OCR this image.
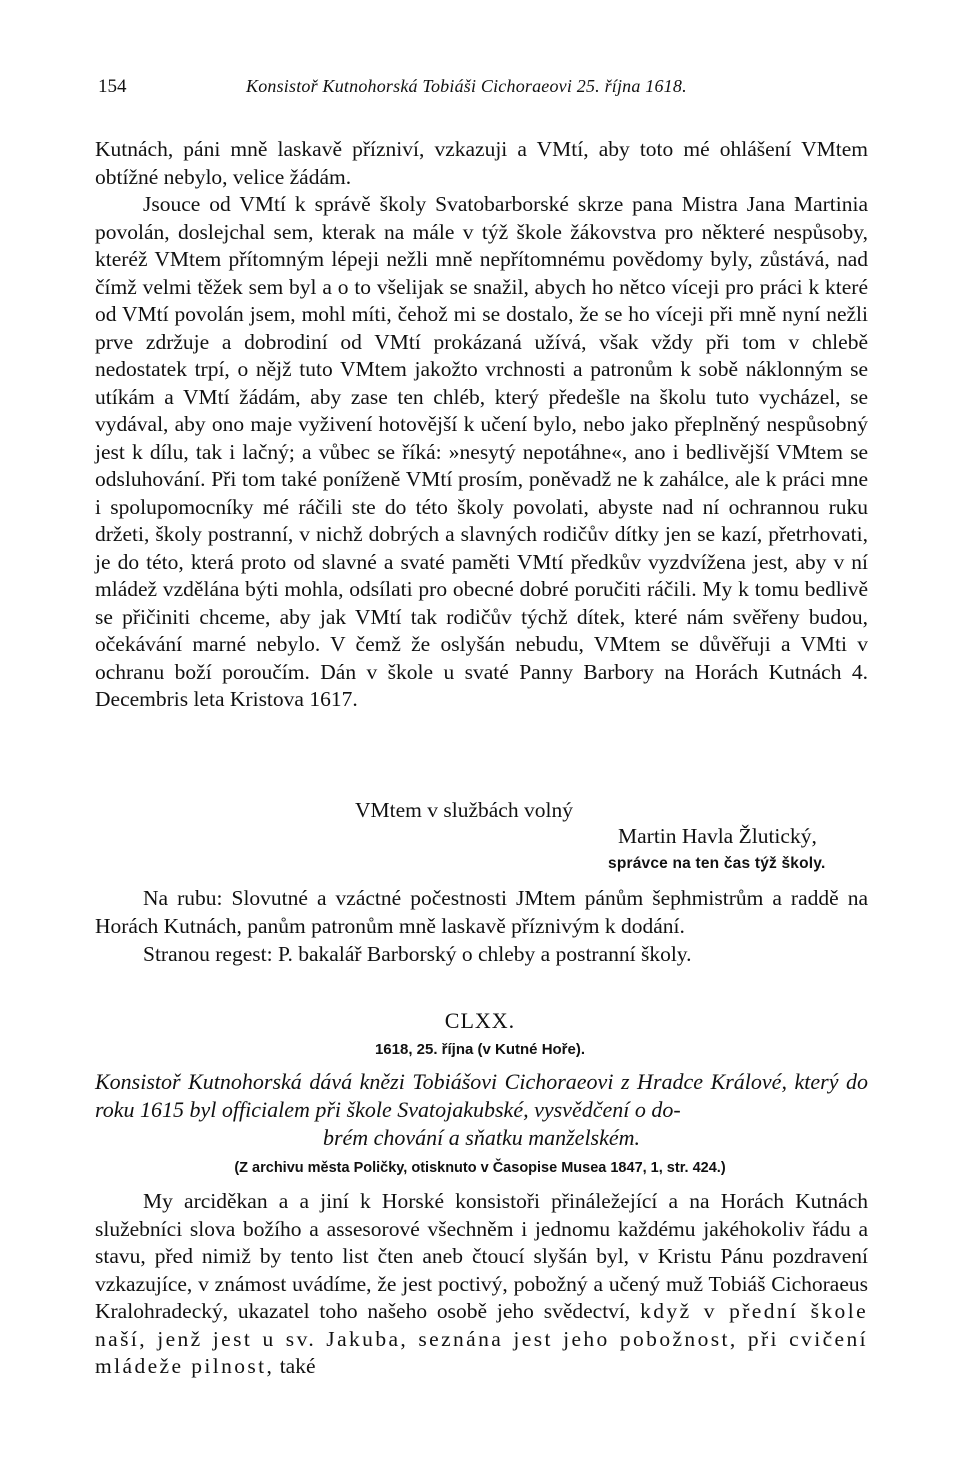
154	Konsistoř Kutnohorská Tobiáši Cichoraeovi 25. října 1618.

Kutnách, páni mně laskavě přízniví, vzkazuji a VMtí, aby toto mé ohlášení VMtem obtížné nebylo, velice žádám.

Jsouce od VMtí k správě školy Svatobarborské skrze pana Mistra Jana Martinia povolán, doslejchal sem, kterak na mále v týž škole žákovstva pro některé nespůsoby, kteréž VMtem přítomným lépeji nežli mně nepřítomnému povědomy byly, zůstává, nad čímž velmi těžek sem byl a o to všelijak se snažil, abych ho nětco víceji pro práci k které od VMtí povolán jsem, mohl míti, čehož mi se dostalo, že se ho víceji při mně nyní nežli prve zdržuje a dobrodiní od VMtí prokázaná užívá, však vždy při tom v chlebě nedostatek trpí, o nějž tuto VMtem jakožto vrchnosti a patronům k sobě náklonným se utíkám a VMtí žádám, aby zase ten chléb, který předešle na školu tuto vycházel, se vydával, aby ono maje vyživení hotovější k učení bylo, nebo jako přeplněný nespůsobný jest k dílu, tak i lačný; a vůbec se říká: »nesytý nepotáhne«, ano i bedlivější VMtem se odsluhování. Při tom také poníženě VMtí prosím, poněvadž ne k zahálce, ale k práci mne i spolupomocníky mé ráčili ste do této školy povolati, abyste nad ní ochrannou ruku držeti, školy postranní, v nichž dobrých a slavných rodičův dítky jen se kazí, přetrhovati, je do této, která proto od slavné a svaté paměti VMtí předkův vyzdvížena jest, aby v ní mládež vzdělána býti mohla, odsílati pro obecné dobré poručiti ráčili. My k tomu bedlivě se přičiniti chceme, aby jak VMtí tak rodičův týchž dítek, které nám svěřeny budou, očekávání marné nebylo. V čemž že oslyšán nebudu, VMtem se důvěřuji a VMti v ochranu boží poroučím. Dán v škole u svaté Panny Barbory na Horách Kutnách 4. Decembris leta Kristova 1617.

VMtem v službách volný
Martin Havla Žlutický,
správce na ten čas týž školy.

Na rubu: Slovutné a vzáctné počestnosti JMtem pánům šephmistrům a raddě na Horách Kutnách, panům patronům mně laskavě příznivým k dodání.

Stranou regest: P. bakalář Barborský o chleby a postranní školy.

CLXX.
1618, 25. října (v Kutné Hoře).

Konsistoř Kutnohorská dává knězi Tobiášovi Cichoraeovi z Hradce Králové, který do roku 1615 byl officialem při škole Svatojakubské, vysvědčení o do-

brém chování a sňatku manželském.

(Z archivu města Poličky, otisknuto v Časopise Musea 1847, 1, str. 424.)

My arciděkan a a jiní k Horské konsistoři přináležející a na Horách Kutnách služebníci slova božího a assesorové všechněm i jednomu každému jakéhokoliv řádu a stavu, před nimiž by tento list čten aneb čtoucí slyšán byl, v Kristu Pánu pozdravení vzkazujíce, v známost uvádíme, že jest poctivý, pobožný a učený muž Tobiáš Cichoraeus Kralohradecký, ukazatel toho našeho osobě jeho svědectví, když v přední škole naší, jenž jest u sv. Jakuba, seznána jest jeho pobožnost, při cvičení mládeže pilnost, také
